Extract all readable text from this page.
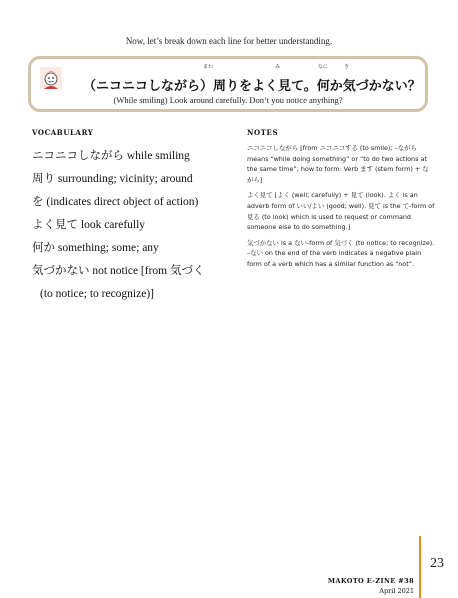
Now, let’s break down each line for better understanding.
まわ	み	なに	き
（ニコニコしながら）周りをよく見て。何か気づかない？
(While smiling) Look around carefully. Don’t you notice anything?
VOCABULARY	NOTES
ニコニコしながら while smiling
周り surrounding; vicinity; around
を (indicates direct object of action)
よく見て look carefully
何か something; some; any
気づかない not notice [from 気づく
(to notice; to recognize)]

ニコニコしながら [from ニコニコする (to smile); –ながら means “while doing something” or “to do two actions at the same time”; how to form: Verb ます (stem form) + ながら]

よく見て [よく (well; carefully) + 見て (look). よく is an adverb form of いい/よい (good; well). 見て is the て-form of 見る (to look) which is used to request or command someone else to do something.]

気づかない is a ない-form of 気づく (to notice; to recognize). –ない on the end of the verb indicates a negative plain form of a verb which has a similar function as “not”.

23
MAKOTO E-ZINE #38
April 2021
